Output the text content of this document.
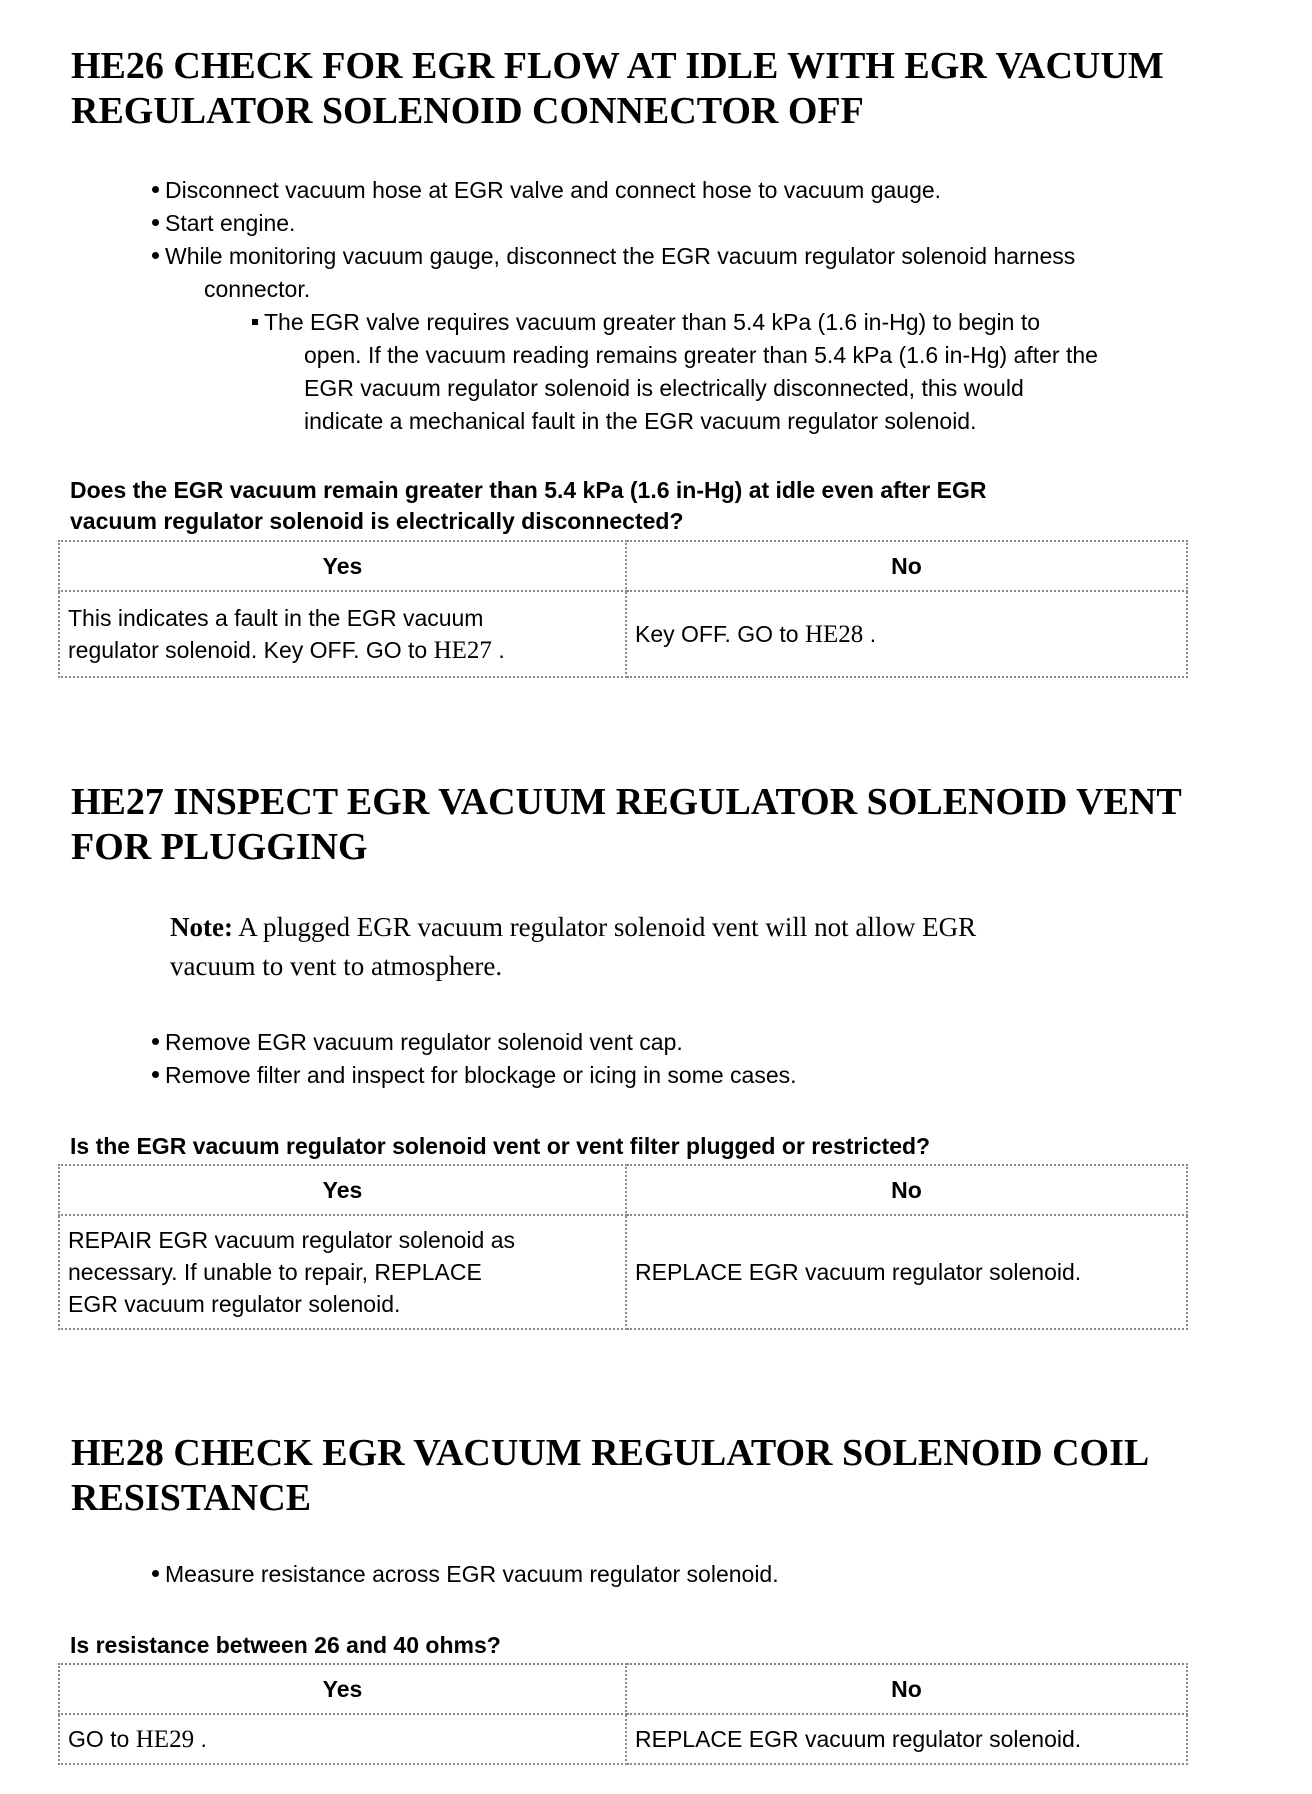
HE26 CHECK FOR EGR FLOW AT IDLE WITH EGR VACUUM
REGULATOR SOLENOID CONNECTOR OFF
Disconnect vacuum hose at EGR valve and connect hose to vacuum gauge.
Start engine.
While monitoring vacuum gauge, disconnect the EGR vacuum regulator solenoid harness
connector.
The EGR valve requires vacuum greater than 5.4 kPa (1.6 in-Hg) to begin to
open. If the vacuum reading remains greater than 5.4 kPa (1.6 in-Hg) after the
EGR vacuum regulator solenoid is electrically disconnected, this would
indicate a mechanical fault in the EGR vacuum regulator solenoid.
Does the EGR vacuum remain greater than 5.4 kPa (1.6 in-Hg) at idle even after EGR
vacuum regulator solenoid is electrically disconnected?
Yes	No

This indicates a fault in the EGR vacuum
regulator solenoid. Key OFF. GO to HE27 .	Key OFF. GO to HE28 .
HE27 INSPECT EGR VACUUM REGULATOR SOLENOID VENT
FOR PLUGGING
Note: A plugged EGR vacuum regulator solenoid vent will not allow EGR
vacuum to vent to atmosphere.
Remove EGR vacuum regulator solenoid vent cap.
Remove filter and inspect for blockage or icing in some cases.
Is the EGR vacuum regulator solenoid vent or vent filter plugged or restricted?
Yes	No

REPAIR EGR vacuum regulator solenoid as
necessary. If unable to repair, REPLACE
EGR vacuum regulator solenoid.	REPLACE EGR vacuum regulator solenoid.
HE28 CHECK EGR VACUUM REGULATOR SOLENOID COIL
RESISTANCE
Measure resistance across EGR vacuum regulator solenoid.
Is resistance between 26 and 40 ohms?
Yes	No
GO to HE29 .	REPLACE EGR vacuum regulator solenoid.
